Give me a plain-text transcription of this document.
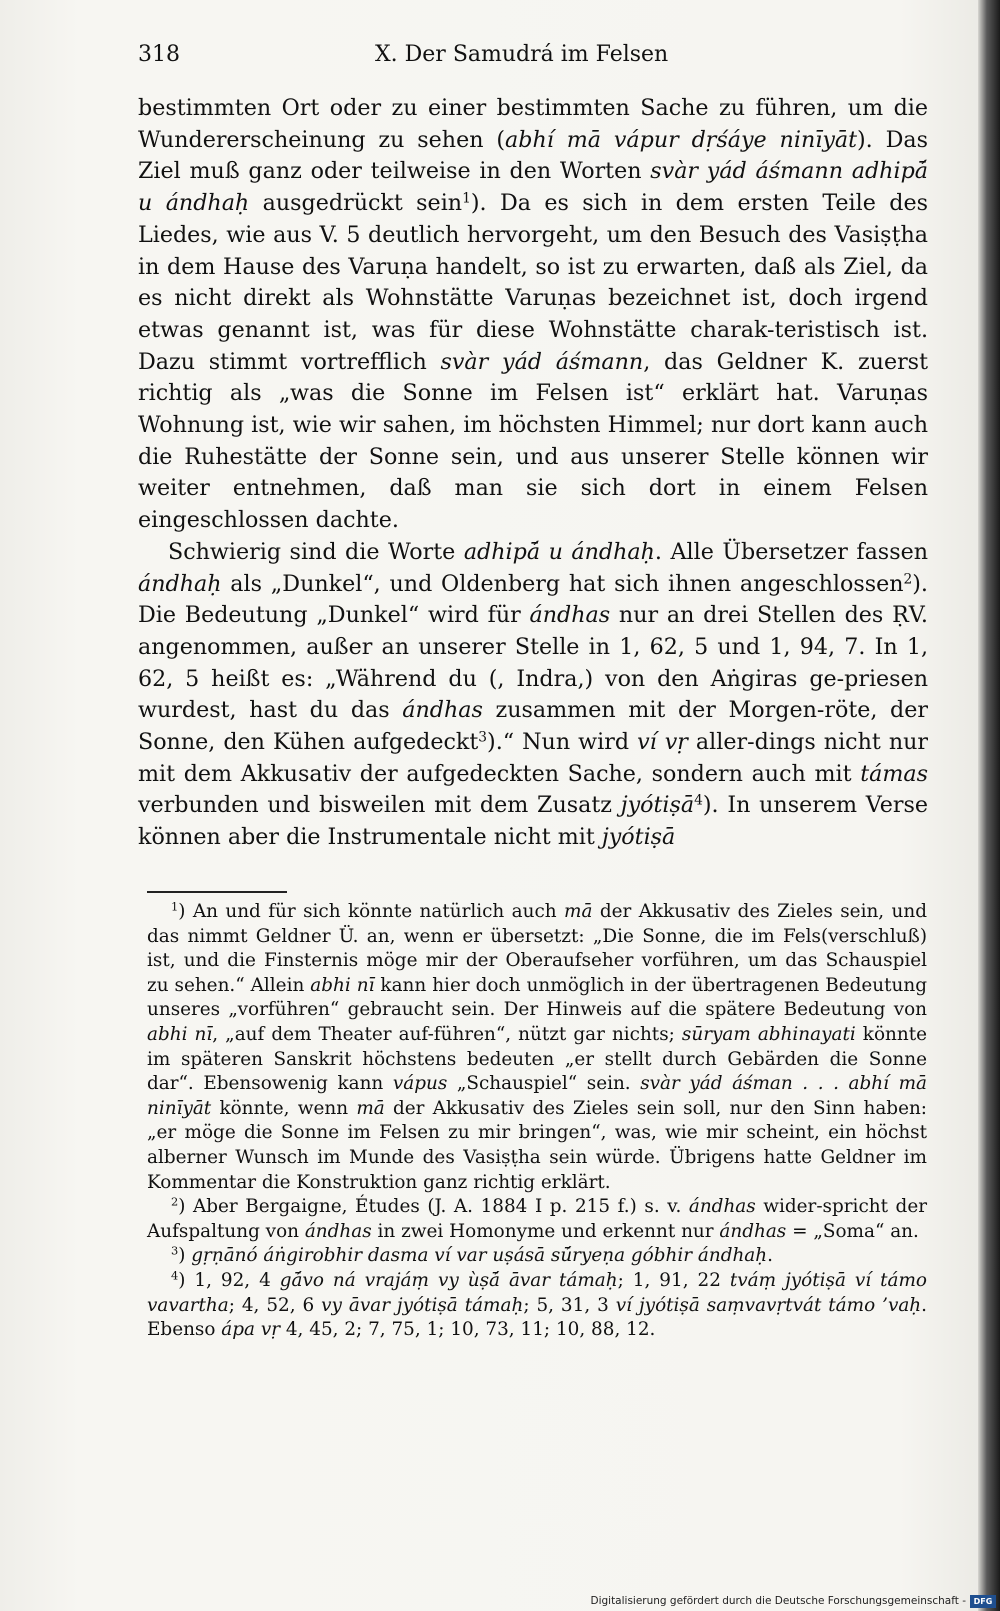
318	X. Der Samudrá im Felsen

bestimmten Ort oder zu einer bestimmten Sache zu führen, um die Wundererscheinung zu sehen (abhí mā vápur dṛśáye ninīyāt). Das Ziel muß ganz oder teilweise in den Worten svàr yád áśmann adhipā́ u ándhaḥ ausgedrückt sein$^1$). Da es sich in dem ersten Teile des Liedes, wie aus V. 5 deutlich hervorgeht, um den Besuch des Vasiṣṭha in dem Hause des Varuṇa handelt, so ist zu erwarten, daß als Ziel, da es nicht direkt als Wohnstätte Varuṇas bezeichnet ist, doch irgend etwas genannt ist, was für diese Wohnstätte charak-teristisch ist. Dazu stimmt vortrefflich svàr yád áśmann, das Geldner K. zuerst richtig als „was die Sonne im Felsen ist“ erklärt hat. Varuṇas Wohnung ist, wie wir sahen, im höchsten Himmel; nur dort kann auch die Ruhestätte der Sonne sein, und aus unserer Stelle können wir weiter entnehmen, daß man sie sich dort in einem Felsen eingeschlossen dachte.

Schwierig sind die Worte adhipā́ u ándhaḥ. Alle Übersetzer fassen ándhaḥ als „Dunkel“, und Oldenberg hat sich ihnen angeschlossen$^2$). Die Bedeutung „Dunkel“ wird für ándhas nur an drei Stellen des ṚV. angenommen, außer an unserer Stelle in 1, 62, 5 und 1, 94, 7. In 1, 62, 5 heißt es: „Während du (, Indra,) von den Aṅgiras ge-priesen wurdest, hast du das ándhas zusammen mit der Morgen-röte, der Sonne, den Kühen aufgedeckt$^3$).“ Nun wird ví vṛ aller-dings nicht nur mit dem Akkusativ der aufgedeckten Sache, sondern auch mit támas verbunden und bisweilen mit dem Zusatz jyótiṣā$^4$). In unserem Verse können aber die Instrumentale nicht mit jyótiṣā

$^1$) An und für sich könnte natürlich auch mā der Akkusativ des Zieles sein, und das nimmt Geldner Ü. an, wenn er übersetzt: „Die Sonne, die im Fels(verschluß) ist, und die Finsternis möge mir der Oberaufseher vorführen, um das Schauspiel zu sehen.“ Allein abhi nī kann hier doch unmöglich in der übertragenen Bedeutung unseres „vorführen“ gebraucht sein. Der Hinweis auf die spätere Bedeutung von abhi nī, „auf dem Theater auf-führen“, nützt gar nichts; sūryam abhinayati könnte im späteren Sanskrit höchstens bedeuten „er stellt durch Gebärden die Sonne dar“. Ebensowenig kann vápus „Schauspiel“ sein. svàr yád áśman . . . abhí mā ninīyāt könnte, wenn mā der Akkusativ des Zieles sein soll, nur den Sinn haben: „er möge die Sonne im Felsen zu mir bringen“, was, wie mir scheint, ein höchst alberner Wunsch im Munde des Vasiṣṭha sein würde. Übrigens hatte Geldner im Kommentar die Konstruktion ganz richtig erklärt.

$^2$) Aber Bergaigne, Études (J. A. 1884 I p. 215 f.) s. v. ándhas wider-spricht der Aufspaltung von ándhas in zwei Homonyme und erkennt nur ándhas = „Soma“ an.

$^3$) gṛṇānó áṅgirobhir dasma ví var uṣásā sū́ryeṇa góbhir ándhaḥ.

$^4$) 1, 92, 4 gā́vo ná vrajáṃ vy ùṣā́ āvar támaḥ; 1, 91, 22 tváṃ jyótiṣā ví támo vavartha; 4, 52, 6 vy āvar jyótiṣā támaḥ; 5, 31, 3 ví jyótiṣā saṃvavṛtvát támo ’vaḥ. Ebenso ápa vṛ 4, 45, 2; 7, 75, 1; 10, 73, 11; 10, 88, 12.

Digitalisierung gefördert durch die Deutsche Forschungsgemeinschaft - DFG
